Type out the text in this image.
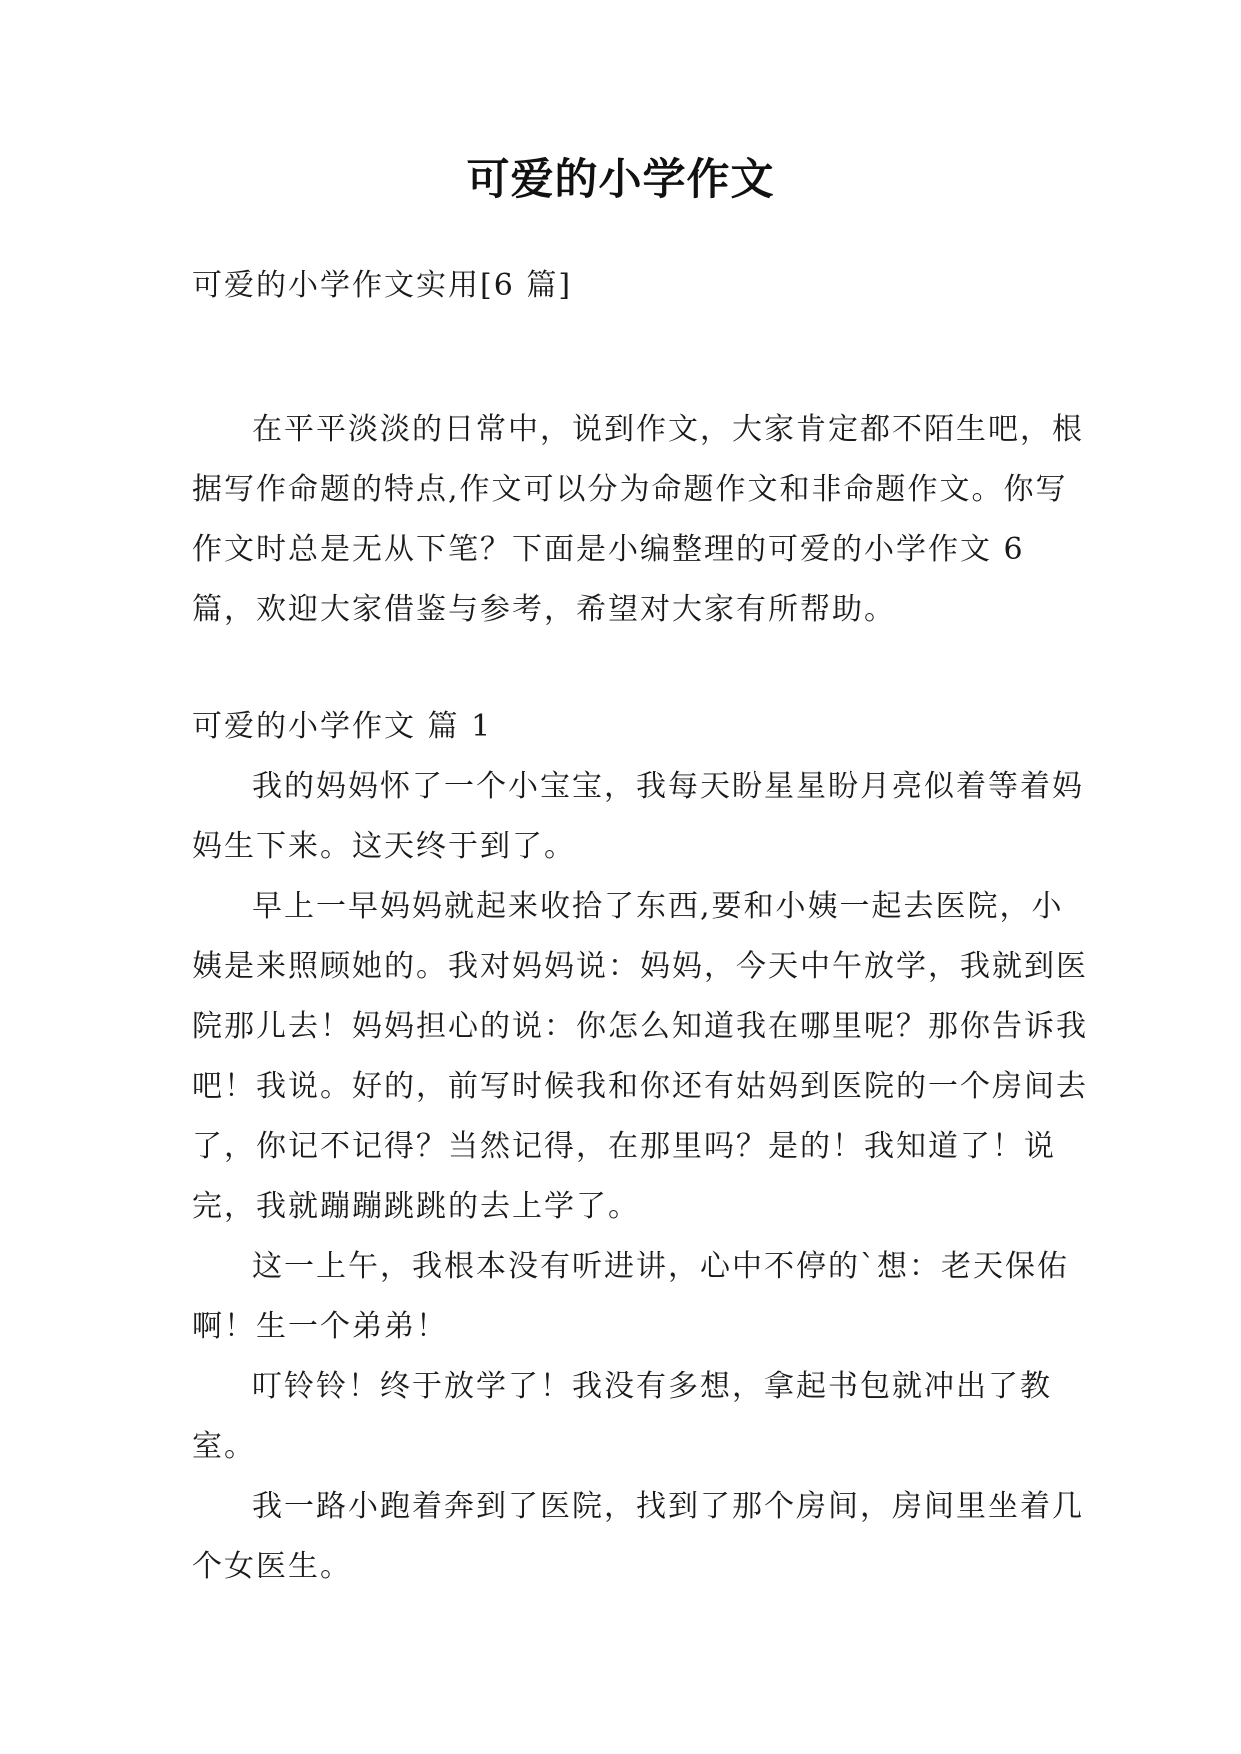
可爱的小学作文
可爱的小学作文实用[6 篇]

在平平淡淡的日常中，说到作文，大家肯定都不陌生吧，根据写作命题的特点,作文可以分为命题作文和非命题作文。你写作文时总是无从下笔？下面是小编整理的可爱的小学作文 6 篇，欢迎大家借鉴与参考，希望对大家有所帮助。

可爱的小学作文 篇 1

我的妈妈怀了一个小宝宝，我每天盼星星盼月亮似着等着妈妈生下来。这天终于到了。

早上一早妈妈就起来收拾了东西,要和小姨一起去医院，小姨是来照顾她的。我对妈妈说：妈妈，今天中午放学，我就到医院那儿去！妈妈担心的说：你怎么知道我在哪里呢？那你告诉我吧！我说。好的，前写时候我和你还有姑妈到医院的一个房间去了，你记不记得？当然记得，在那里吗？是的！我知道了！说完，我就蹦蹦跳跳的去上学了。

这一上午，我根本没有听进讲，心中不停的`想：老天保佑啊！生一个弟弟！

叮铃铃！终于放学了！我没有多想，拿起书包就冲出了教室。

我一路小跑着奔到了医院，找到了那个房间，房间里坐着几个女医生。
